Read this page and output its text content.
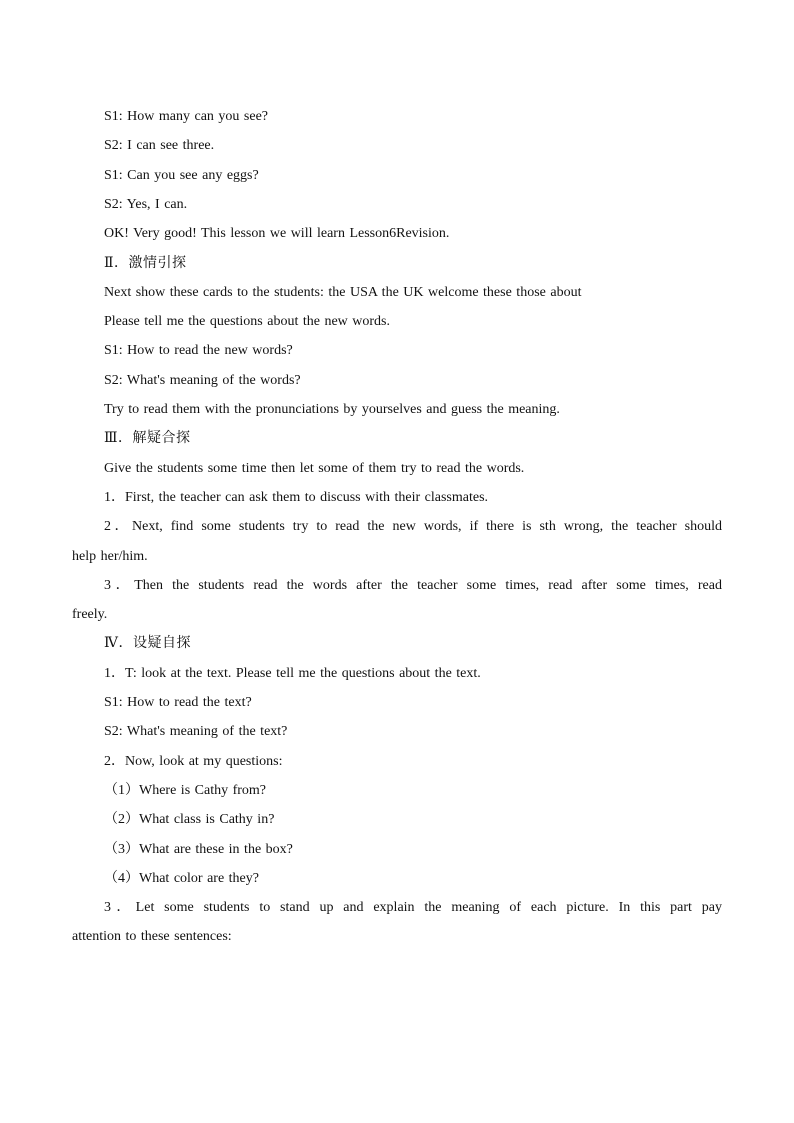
S1: How many can you see?
S2: I can see three.
S1: Can you see any eggs?
S2: Yes, I can.
OK! Very good! This lesson we will learn Lesson6Revision.
Ⅱ．激情引探
Next show these cards to the students: the USA the UK welcome these those about
Please tell me the questions about the new words.
S1: How to read the new words?
S2: What's meaning of the words?
Try to read them with the pronunciations by yourselves and guess the meaning.
Ⅲ．解疑合探
Give the students some time then let some of them try to read the words.
1．First, the teacher can ask them to discuss with their classmates.
2．Next, find some students try to read the new words, if there is sth wrong, the teacher should
help her/him.
3．Then the students read the words after the teacher some times, read after some times, read
freely.
Ⅳ．设疑自探
1．T: look at the text. Please tell me the questions about the text.
S1: How to read the text?
S2: What's meaning of the text?
2．Now, look at my questions:
（1）Where is Cathy from?
（2）What class is Cathy in?
（3）What are these in the box?
（4）What color are they?
3．Let some students to stand up and explain the meaning of each picture. In this part pay
attention to these sentences:
